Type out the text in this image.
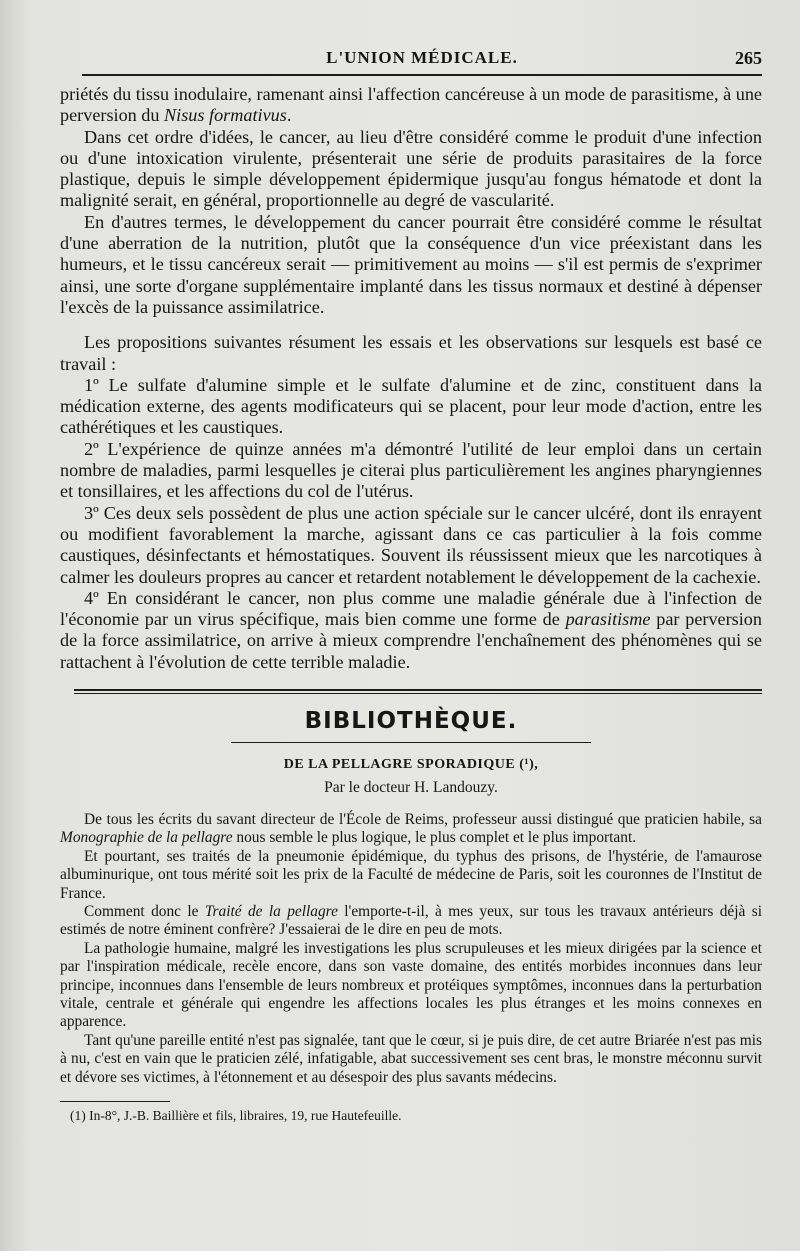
L'UNION MÉDICALE.	265

priétés du tissu inodulaire, ramenant ainsi l'affection cancéreuse à un mode de parasitisme, à une perversion du Nisus formativus.

Dans cet ordre d'idées, le cancer, au lieu d'être considéré comme le produit d'une infection ou d'une intoxication virulente, présenterait une série de produits parasitaires de la force plastique, depuis le simple développement épidermique jusqu'au fongus hématode et dont la malignité serait, en général, proportionnelle au degré de vascularité.

En d'autres termes, le développement du cancer pourrait être considéré comme le résultat d'une aberration de la nutrition, plutôt que la conséquence d'un vice préexistant dans les humeurs, et le tissu cancéreux serait — primitivement au moins — s'il est permis de s'exprimer ainsi, une sorte d'organe supplémentaire implanté dans les tissus normaux et destiné à dépenser l'excès de la puissance assimilatrice.

Les propositions suivantes résument les essais et les observations sur lesquels est basé ce travail :

1º Le sulfate d'alumine simple et le sulfate d'alumine et de zinc, constituent dans la médication externe, des agents modificateurs qui se placent, pour leur mode d'action, entre les cathérétiques et les caustiques.

2º L'expérience de quinze années m'a démontré l'utilité de leur emploi dans un certain nombre de maladies, parmi lesquelles je citerai plus particulièrement les angines pharyngiennes et tonsillaires, et les affections du col de l'utérus.

3º Ces deux sels possèdent de plus une action spéciale sur le cancer ulcéré, dont ils enrayent ou modifient favorablement la marche, agissant dans ce cas particulier à la fois comme caustiques, désinfectants et hémostatiques. Souvent ils réussissent mieux que les narcotiques à calmer les douleurs propres au cancer et retardent notablement le développement de la cachexie.

4º En considérant le cancer, non plus comme une maladie générale due à l'infection de l'économie par un virus spécifique, mais bien comme une forme de parasitisme par perversion de la force assimilatrice, on arrive à mieux comprendre l'enchaînement des phénomènes qui se rattachent à l'évolution de cette terrible maladie.

BIBLIOTHÈQUE.
DE LA PELLAGRE SPORADIQUE (¹),
Par le docteur H. Landouzy.

De tous les écrits du savant directeur de l'École de Reims, professeur aussi distingué que praticien habile, sa Monographie de la pellagre nous semble le plus logique, le plus complet et le plus important.

Et pourtant, ses traités de la pneumonie épidémique, du typhus des prisons, de l'hystérie, de l'amaurose albuminurique, ont tous mérité soit les prix de la Faculté de médecine de Paris, soit les couronnes de l'Institut de France.

Comment donc le Traité de la pellagre l'emporte-t-il, à mes yeux, sur tous les travaux antérieurs déjà si estimés de notre éminent confrère? J'essaierai de le dire en peu de mots.

La pathologie humaine, malgré les investigations les plus scrupuleuses et les mieux dirigées par la science et par l'inspiration médicale, recèle encore, dans son vaste domaine, des entités morbides inconnues dans leur principe, inconnues dans l'ensemble de leurs nombreux et protéiques symptômes, inconnues dans la perturbation vitale, centrale et générale qui engendre les affections locales les plus étranges et les moins connexes en apparence.

Tant qu'une pareille entité n'est pas signalée, tant que le cœur, si je puis dire, de cet autre Briarée n'est pas mis à nu, c'est en vain que le praticien zélé, infatigable, abat successivement ses cent bras, le monstre méconnu survit et dévore ses victimes, à l'étonnement et au désespoir des plus savants médecins.

(1) In-8°, J.-B. Baillière et fils, libraires, 19, rue Hautefeuille.
